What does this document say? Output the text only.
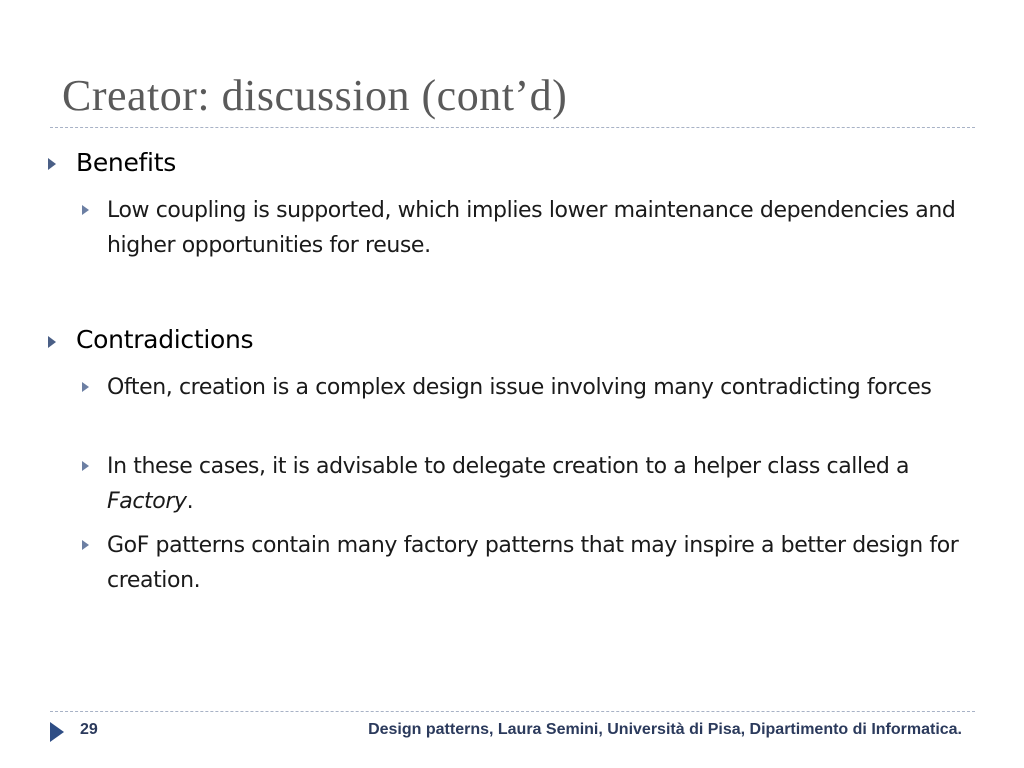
Creator: discussion (cont’d)
Benefits
Low coupling is supported, which implies lower maintenance dependencies and higher opportunities for reuse.
Contradictions
Often, creation is a complex design issue involving many contradicting forces
In these cases, it is advisable to delegate creation to a helper class called a Factory.
GoF patterns contain many factory patterns that may inspire a better design for creation.
29	Design patterns, Laura Semini, Università di Pisa, Dipartimento di Informatica.
